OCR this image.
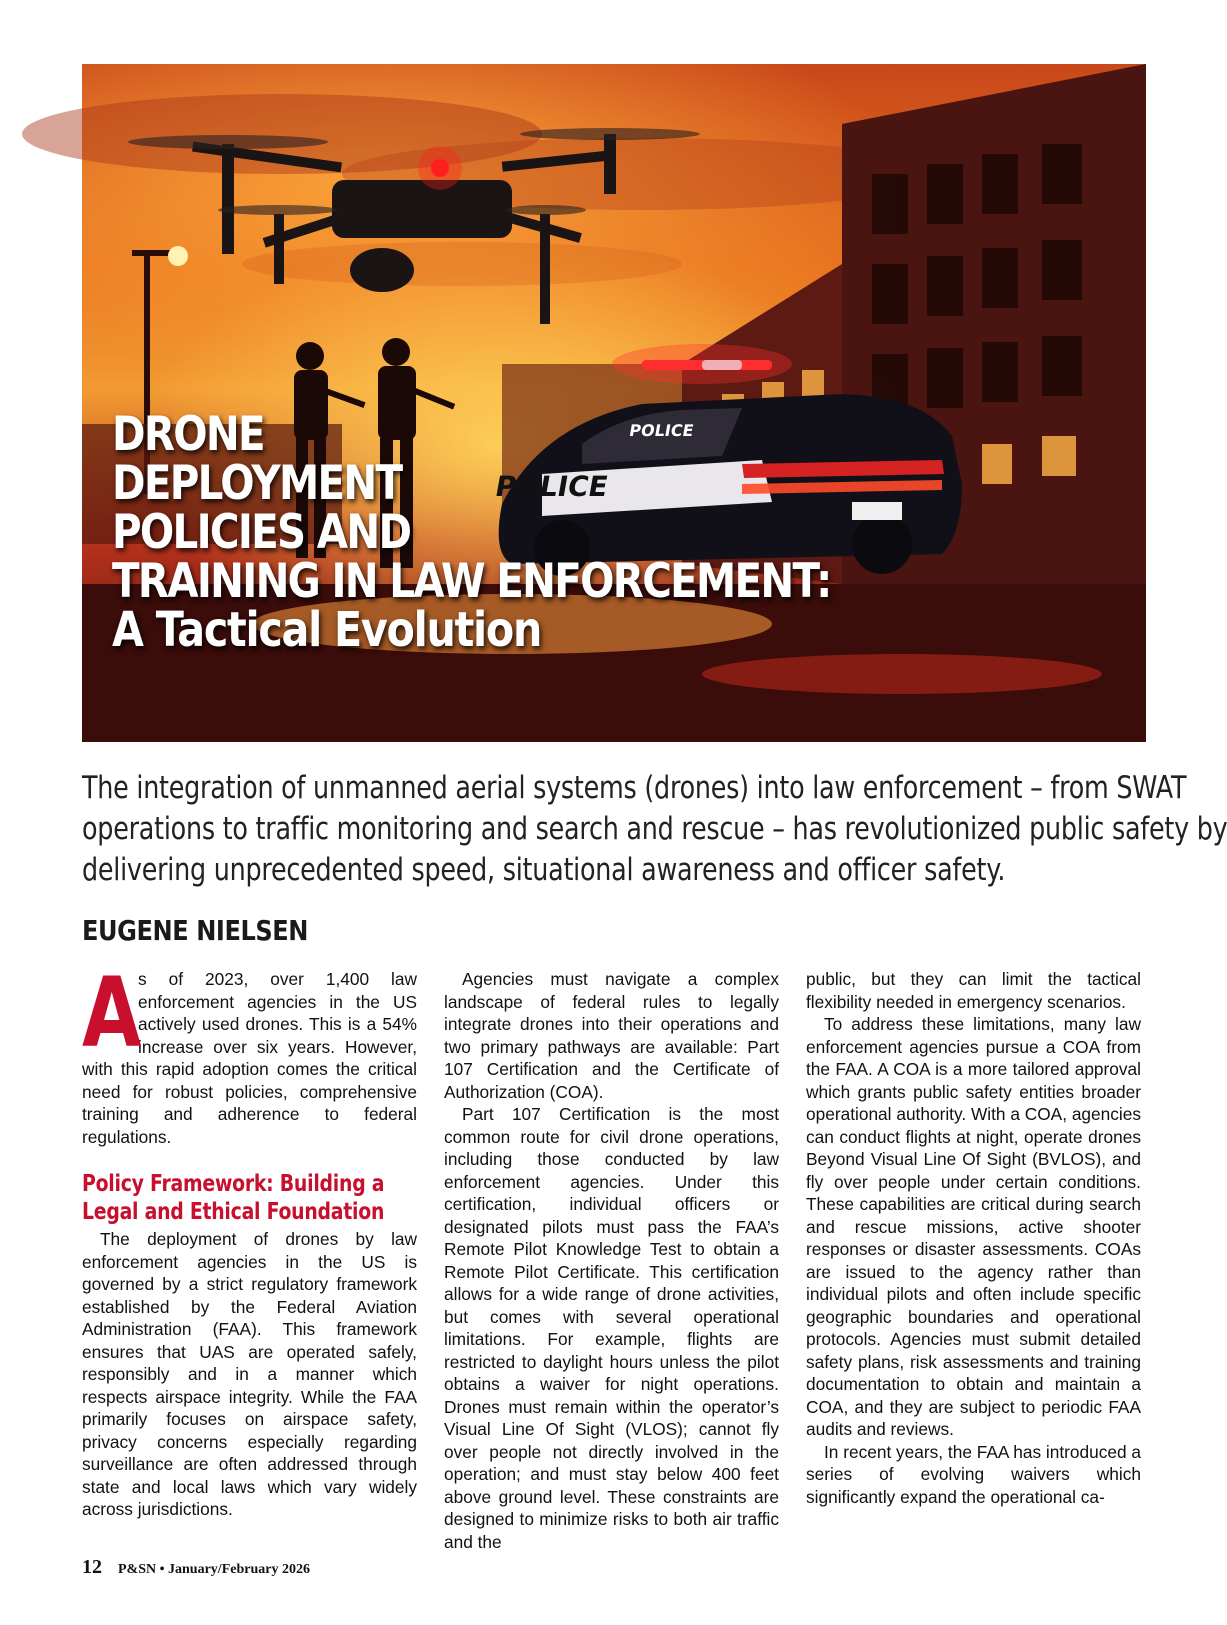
POLICE
POLICE
DRONE
DEPLOYMENT
POLICIES AND
TRAINING IN LAW ENFORCEMENT:
A Tactical Evolution

The integration of unmanned aerial systems (drones) into law enforcement – from SWAT
operations to traffic monitoring and search and rescue – has revolutionized public safety by
delivering unprecedented speed, situational awareness and officer safety.

EUGENE NIELSEN

A
s of 2023, over 1,400 law enforcement agencies in the US actively used drones. This is a 54% increase over six years. However, with this rapid adoption comes the critical need for robust policies, comprehensive training and adherence to federal regulations.

Policy Framework: Building a
Legal and Ethical Foundation

The deployment of drones by law enforcement agencies in the US is governed by a strict regulatory framework established by the Federal Aviation Administration (FAA). This framework ensures that UAS are operated safely, responsibly and in a manner which respects airspace integrity. While the FAA primarily focuses on airspace safety, privacy concerns especially regarding surveillance are often addressed through state and local laws which vary widely across jurisdictions.

Agencies must navigate a complex landscape of federal rules to legally integrate drones into their operations and two primary pathways are available: Part 107 Certification and the Certificate of Authorization (COA).

Part 107 Certification is the most common route for civil drone operations, including those conducted by law enforcement agencies. Under this certification, individual officers or designated pilots must pass the FAA’s Remote Pilot Knowledge Test to obtain a Remote Pilot Certificate. This certification allows for a wide range of drone activities, but comes with several operational limitations. For example, flights are restricted to daylight hours unless the pilot obtains a waiver for night operations. Drones must remain within the operator’s Visual Line Of Sight (VLOS); cannot fly over people not directly involved in the operation; and must stay below 400 feet above ground level. These constraints are designed to minimize risks to both air traffic and the

public, but they can limit the tactical flexibility needed in emergency scenarios.

To address these limitations, many law enforcement agencies pursue a COA from the FAA. A COA is a more tailored approval which grants public safety entities broader operational authority. With a COA, agencies can conduct flights at night, operate drones Beyond Visual Line Of Sight (BVLOS), and fly over people under certain conditions. These capabilities are critical during search and rescue missions, active shooter responses or disaster assessments. COAs are issued to the agency rather than individual pilots and often include specific geographic boundaries and operational protocols. Agencies must submit detailed safety plans, risk assessments and training documentation to obtain and maintain a COA, and they are subject to periodic FAA audits and reviews.

In recent years, the FAA has introduced a series of evolving waivers which significantly expand the operational ca-

12 P&SN • January/February 2026
